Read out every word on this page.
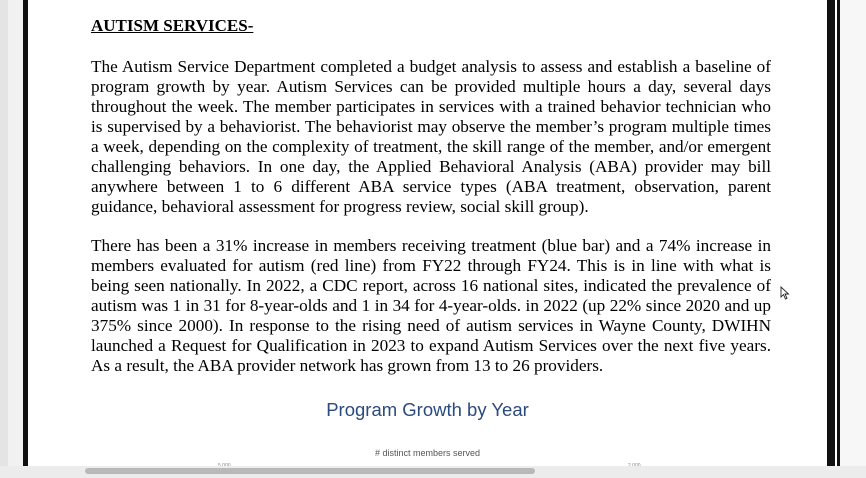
AUTISM SERVICES-

The Autism Service Department completed a budget analysis to assess and establish a baseline of program growth by year. Autism Services can be provided multiple hours a day, several days throughout the week. The member participates in services with a trained behavior technician who is supervised by a behaviorist. The behaviorist may observe the member’s program multiple times a week, depending on the complexity of treatment, the skill range of the member, and/or emergent challenging behaviors. In one day, the Applied Behavioral Analysis (ABA) provider may bill anywhere between 1 to 6 different ABA service types (ABA treatment, observation, parent guidance, behavioral assessment for progress review, social skill group).

There has been a 31% increase in members receiving treatment (blue bar) and a 74% increase in members evaluated for autism (red line) from FY22 through FY24. This is in line with what is being seen nationally. In 2022, a CDC report, across 16 national sites, indicated the prevalence of autism was 1 in 31 for 8-year-olds and 1 in 34 for 4-year-olds. in 2022 (up 22% since 2020 and up 375% since 2000). In response to the rising need of autism services in Wayne County, DWIHN launched a Request for Qualification in 2023 to expand Autism Services over the next five years. As a result, the ABA provider network has grown from 13 to 26 providers.

Program Growth by Year
# distinct members served
